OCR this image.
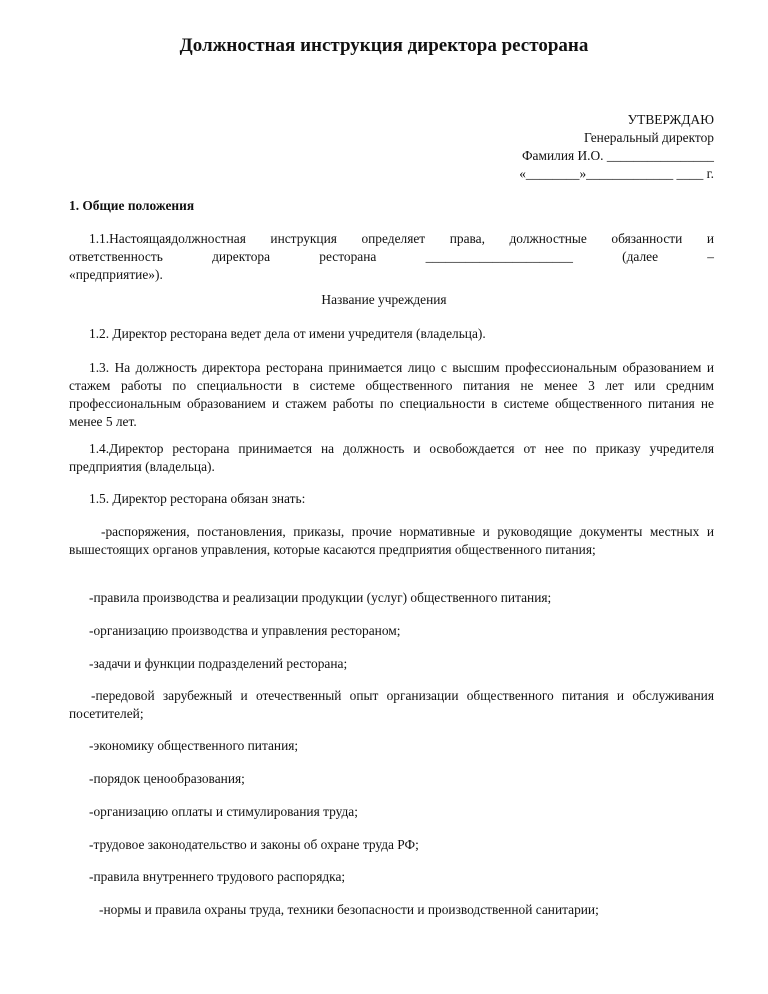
Должностная инструкция директора ресторана
УТВЕРЖДАЮ
Генеральный директор
Фамилия И.О. ________________
«________»_____________ ____ г.
1. Общие положения
1.1.Настоящаядолжностная инструкция определяет права, должностные обязанности и
ответственность	директора	ресторана	______________________	(далее	–
«предприятие»).
Название учреждения
1.2. Директор ресторана ведет дела от имени учредителя (владельца).
1.3. На должность директора ресторана принимается лицо с высшим профессиональным образованием и стажем работы по специальности в системе общественного питания не менее 3 лет или средним профессиональным образованием и стажем работы по специальности в системе общественного питания не менее 5 лет.
1.4.Директор ресторана принимается на должность и освобождается от нее по приказу учредителя предприятия (владельца).
1.5. Директор ресторана обязан знать:
-распоряжения, постановления, приказы, прочие нормативные и руководящие документы местных и вышестоящих органов управления, которые касаются предприятия общественного питания;
-правила производства и реализации продукции (услуг) общественного питания;
-организацию производства и управления рестораном;
-задачи и функции подразделений ресторана;
-передовой зарубежный и отечественный опыт организации общественного питания и обслуживания посетителей;
-экономику общественного питания;
-порядок ценообразования;
-организацию оплаты и стимулирования труда;
-трудовое законодательство и законы об охране труда РФ;
-правила внутреннего трудового распорядка;
-нормы и правила охраны труда, техники безопасности и производственной санитарии;
